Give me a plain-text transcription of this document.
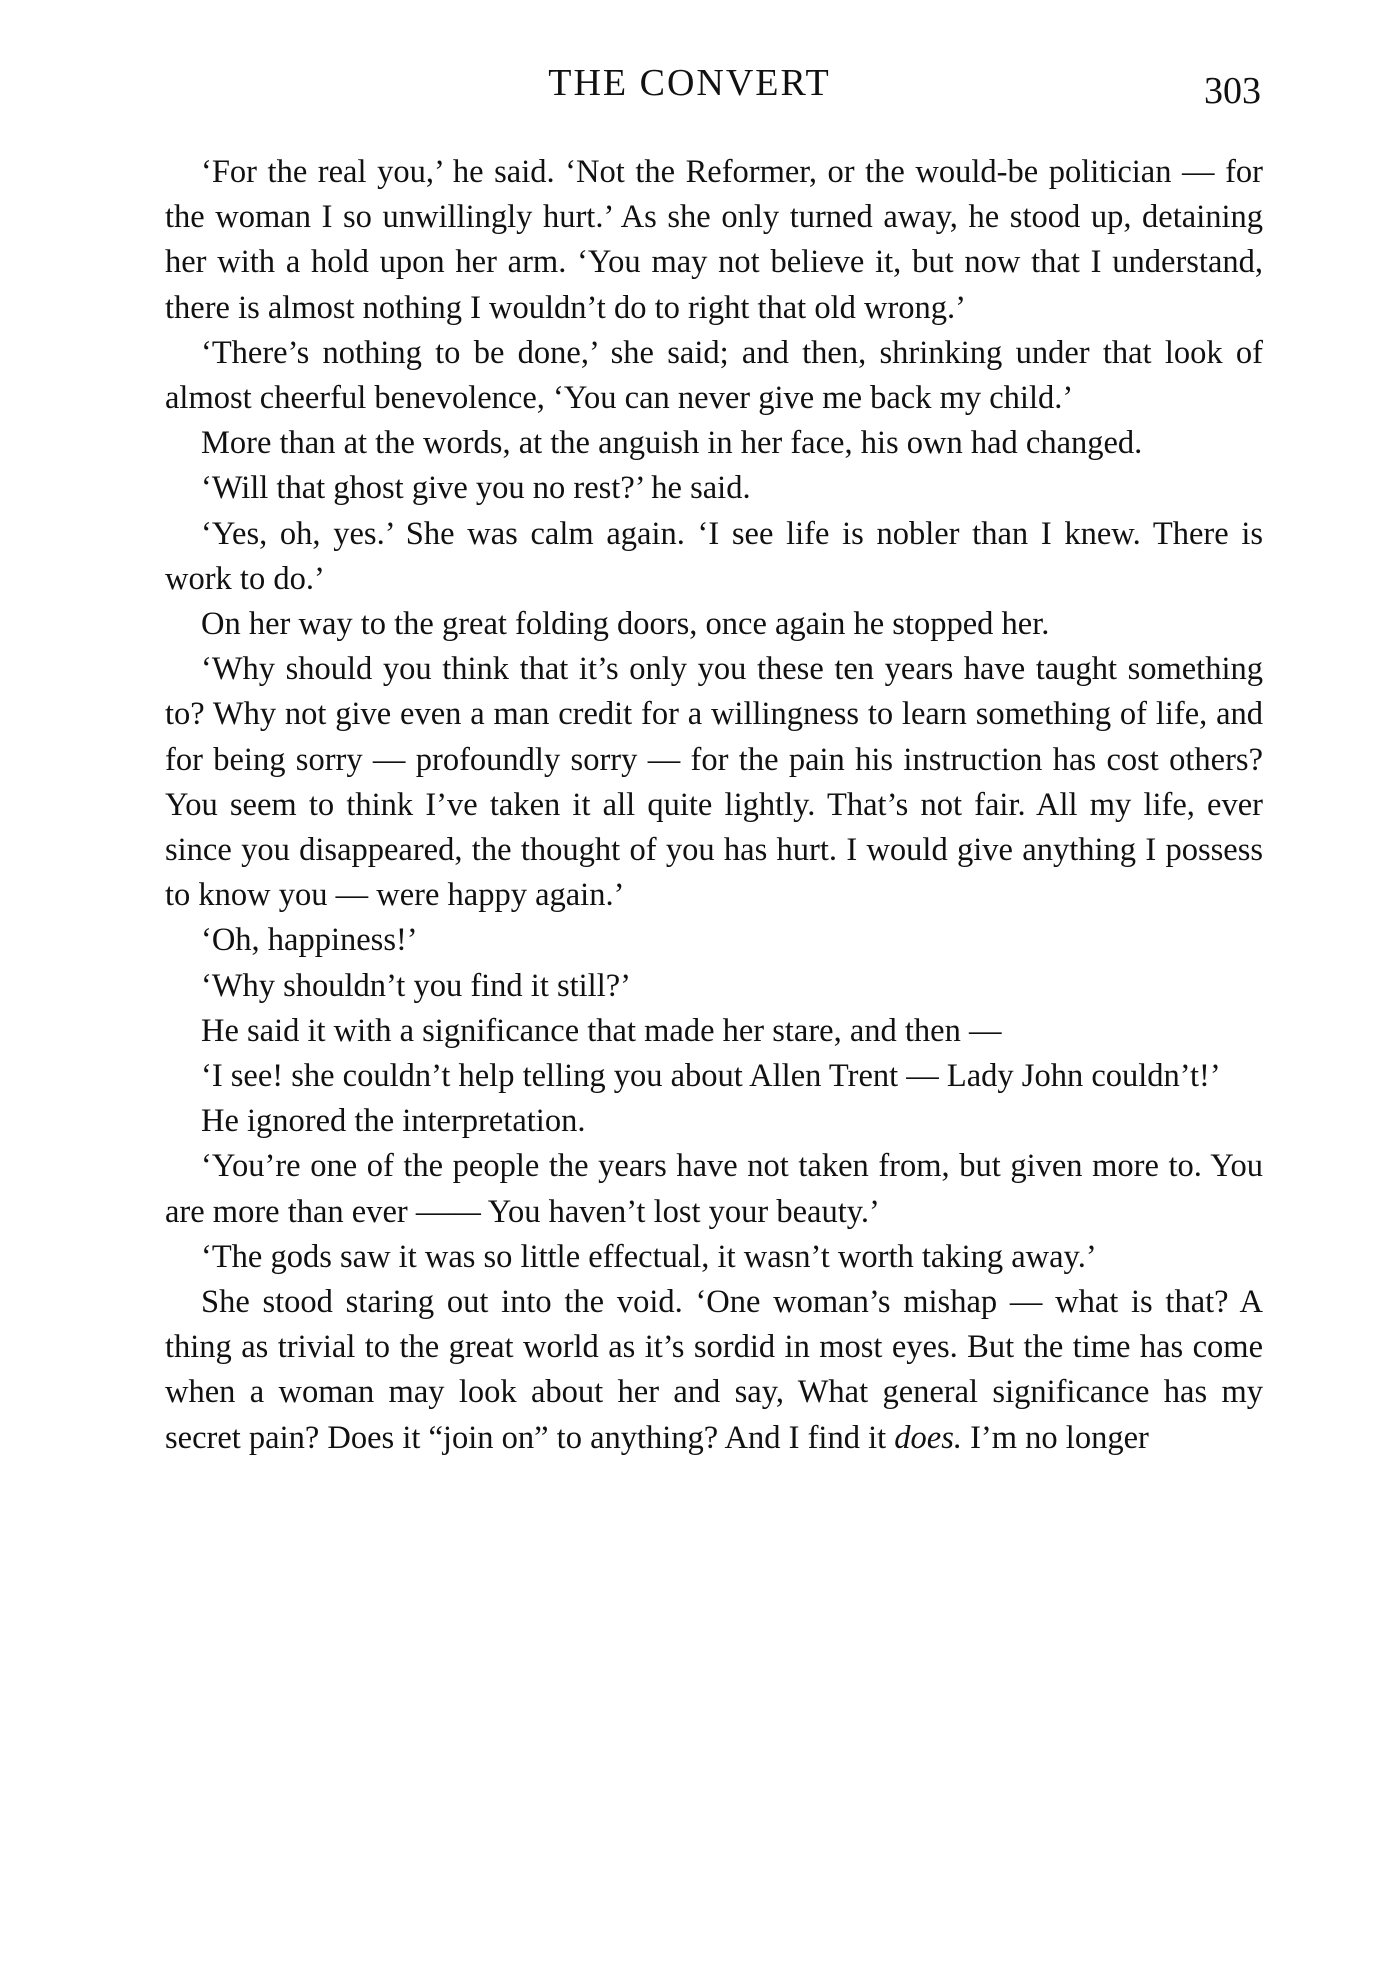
THE CONVERT	303

‘For the real you,’ he said. ‘Not the Reformer, or the would-be politician — for the woman I so unwillingly hurt.’ As she only turned away, he stood up, detaining her with a hold upon her arm. ‘You may not believe it, but now that I understand, there is almost nothing I wouldn’t do to right that old wrong.’

‘There’s nothing to be done,’ she said; and then, shrinking under that look of almost cheerful benevolence, ‘You can never give me back my child.’

More than at the words, at the anguish in her face, his own had changed.

‘Will that ghost give you no rest?’ he said.

‘Yes, oh, yes.’ She was calm again. ‘I see life is nobler than I knew. There is work to do.’

On her way to the great folding doors, once again he stopped her.

‘Why should you think that it’s only you these ten years have taught something to? Why not give even a man credit for a willingness to learn something of life, and for being sorry — profoundly sorry — for the pain his instruction has cost others? You seem to think I’ve taken it all quite lightly. That’s not fair. All my life, ever since you disappeared, the thought of you has hurt. I would give anything I possess to know you — were happy again.’

‘Oh, happiness!’

‘Why shouldn’t you find it still?’

He said it with a significance that made her stare, and then —

‘I see! she couldn’t help telling you about Allen Trent — Lady John couldn’t!’

He ignored the interpretation.

‘You’re one of the people the years have not taken from, but given more to. You are more than ever —— You haven’t lost your beauty.’

‘The gods saw it was so little effectual, it wasn’t worth taking away.’

She stood staring out into the void. ‘One woman’s mishap — what is that? A thing as trivial to the great world as it’s sordid in most eyes. But the time has come when a woman may look about her and say, What general significance has my secret pain? Does it “join on” to anything? And I find it does. I’m no longer
